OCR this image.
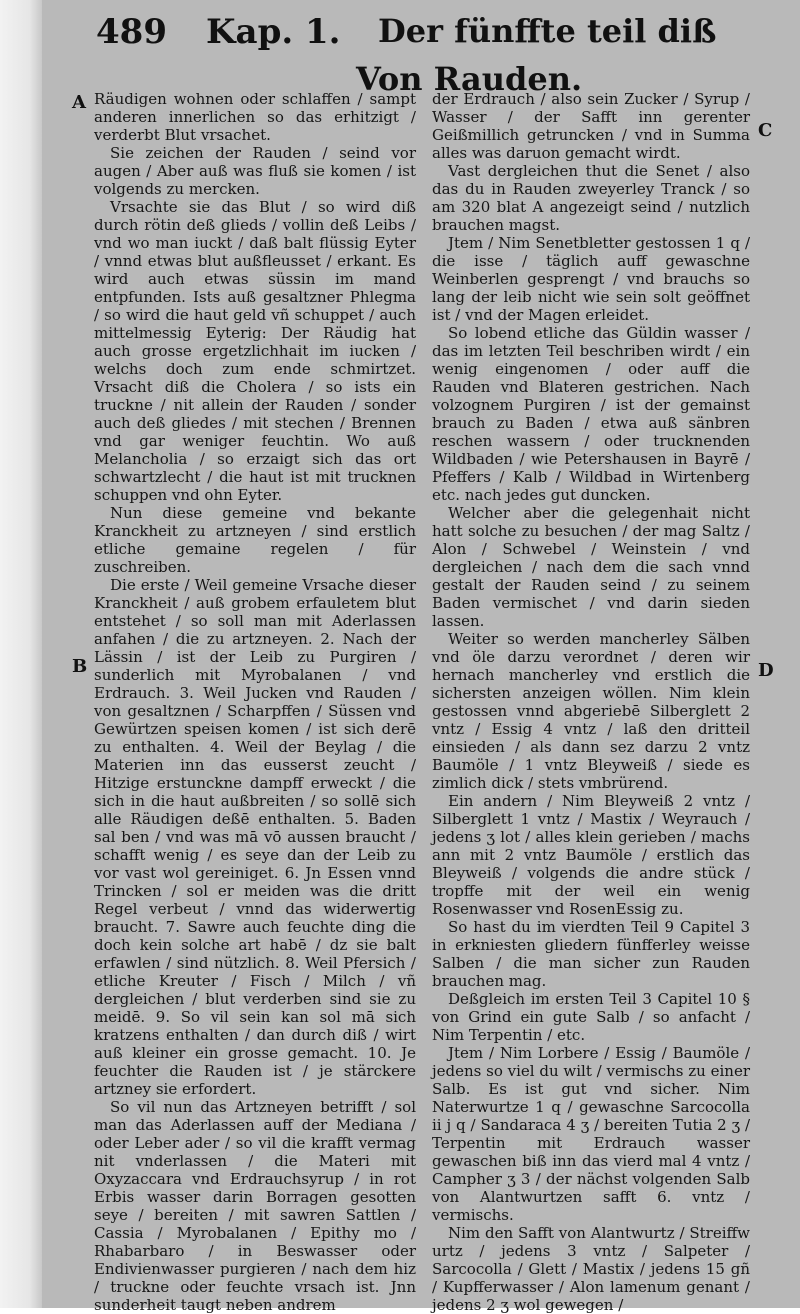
489 Kap. 1. Der fünffte teil diß
Von Rauden.
A
B
C
D

Räudigen wohnen oder schlaffen / sampt anderen innerlichen so das erhitzigt / verderbt Blut vrsachet.

Sie zeichen der Rauden / seind vor augen / Aber auß was fluß sie komen / ist volgends zu mercken.

Vrsachte sie das Blut / so wird diß durch rötin deß glieds / vollin deß Leibs / vnd wo man iuckt / daß balt flüssig Eyter / vnnd etwas blut außfleusset / erkant. Es wird auch etwas süssin im mand entpfunden. Ists auß gesaltzner Phlegma / so wird die haut geld vñ schuppet / auch mittelmessig Eyterig: Der Räudig hat auch grosse ergetzlichhait im iucken / welchs doch zum ende schmirtzet. Vrsacht diß die Cholera / so ists ein truckne / nit allein der Rauden / sonder auch deß gliedes / mit stechen / Brennen vnd gar weniger feuchtin. Wo auß Melancholia / so erzaigt sich das ort schwartzlecht / die haut ist mit trucknen schuppen vnd ohn Eyter.

Nun diese gemeine vnd bekante Kranckheit zu artzneyen / sind erstlich etliche gemaine regelen / für zuschreiben.

Die erste / Weil gemeine Vrsache dieser Kranckheit / auß grobem erfauletem blut entstehet / so soll man mit Aderlassen anfahen / die zu artzneyen. 2. Nach der Lässin / ist der Leib zu Purgiren / sunderlich mit Myrobalanen / vnd Erdrauch. 3. Weil Jucken vnd Rauden / von gesaltznen / Scharpffen / Süssen vnd Gewürtzen speisen komen / ist sich derē zu enthalten. 4. Weil der Beylag / die Materien inn das eusserst zeucht / Hitzige erstunckne dampff erweckt / die sich in die haut außbreiten / so sollē sich alle Räudigen deßē enthalten. 5. Baden sal ben / vnd was mā vō aussen braucht / schafft wenig / es seye dan der Leib zu vor vast wol gereiniget. 6. Jn Essen vnnd Trincken / sol er meiden was die dritt Regel verbeut / vnnd das widerwertig braucht. 7. Sawre auch feuchte ding die doch kein solche art habē / dz sie balt erfawlen / sind nützlich. 8. Weil Pfersich / etliche Kreuter / Fisch / Milch / vñ dergleichen / blut verderben sind sie zu meidē. 9. So vil sein kan sol mā sich kratzens enthalten / dan durch diß / wirt auß kleiner ein grosse gemacht. 10. Je feuchter die Rauden ist / je stärckere artzney sie erfordert.

So vil nun das Artzneyen betrifft / sol man das Aderlassen auff der Mediana / oder Leber ader / so vil die krafft vermag nit vnderlassen / die Materi mit Oxyzaccara vnd Erdrauchsyrup / in rot Erbis wasser darin Borragen gesotten seye / bereiten / mit sawren Sattlen / Cassia / Myrobalanen / Epithy mo / Rhabarbaro / in Beswasser oder Endivienwasser purgieren / nach dem hiz / truckne oder feuchte vrsach ist. Jnn sunderheit taugt neben andrem

der Erdrauch / also sein Zucker / Syrup / Wasser / der Safft inn gerenter Geißmillich getruncken / vnd in Summa alles was daruon gemacht wirdt.

Vast dergleichen thut die Senet / also das du in Rauden zweyerley Tranck / so am 320 blat A angezeigt seind / nutzlich brauchen magst.

Jtem / Nim Senetbletter gestossen 1 q / die isse / täglich auff gewaschne Weinberlen gesprengt / vnd brauchs so lang der leib nicht wie sein solt geöffnet ist / vnd der Magen erleidet.

So lobend etliche das Güldin wasser / das im letzten Teil beschriben wirdt / ein wenig eingenomen / oder auff die Rauden vnd Blateren gestrichen. Nach volzognem Purgiren / ist der gemainst brauch zu Baden / etwa auß sänbren reschen wassern / oder trucknenden Wildbaden / wie Petershausen in Bayrē / Pfeffers / Kalb / Wildbad in Wirtenberg etc. nach jedes gut duncken.

Welcher aber die gelegenhait nicht hatt solche zu besuchen / der mag Saltz / Alon / Schwebel / Weinstein / vnd dergleichen / nach dem die sach vnnd gestalt der Rauden seind / zu seinem Baden vermischet / vnd darin sieden lassen.

Weiter so werden mancherley Sälben vnd öle darzu verordnet / deren wir hernach mancherley vnd erstlich die sichersten anzeigen wöllen. Nim klein gestossen vnnd abgeriebē Silberglett 2 vntz / Essig 4 vntz / laß den dritteil einsieden / als dann sez darzu 2 vntz Baumöle / 1 vntz Bleyweiß / siede es zimlich dick / stets vmbrürend.

Ein andern / Nim Bleyweiß 2 vntz / Silberglett 1 vntz / Mastix / Weyrauch / jedens ʒ lot / alles klein gerieben / machs ann mit 2 vntz Baumöle / erstlich das Bleyweiß / volgends die andre stück / tropffe mit der weil ein wenig Rosenwasser vnd RosenEssig zu.

So hast du im vierdten Teil 9 Capitel 3 in erkniesten gliedern fünfferley weisse Salben / die man sicher zun Rauden brauchen mag.

Deßgleich im ersten Teil 3 Capitel 10 § von Grind ein gute Salb / so anfacht / Nim Terpentin / etc.

Jtem / Nim Lorbere / Essig / Baumöle / jedens so viel du wilt / vermischs zu einer Salb. Es ist gut vnd sicher. Nim Naterwurtze 1 q / gewaschne Sarcocolla ii j q / Sandaraca 4 ʒ / bereiten Tutia 2 ʒ / Terpentin mit Erdrauch wasser gewaschen biß inn das vierd mal 4 vntz / Campher ʒ 3 / der nächst volgenden Salb von Alantwurtzen safft 6. vntz / vermischs.

Nim den Safft von Alantwurtz / Streiffw urtz / jedens 3 vntz / Salpeter / Sarcocolla / Glett / Mastix / jedens 15 gñ / Kupfferwasser / Alon lamenum genant / jedens 2 ʒ wol gewegen /
